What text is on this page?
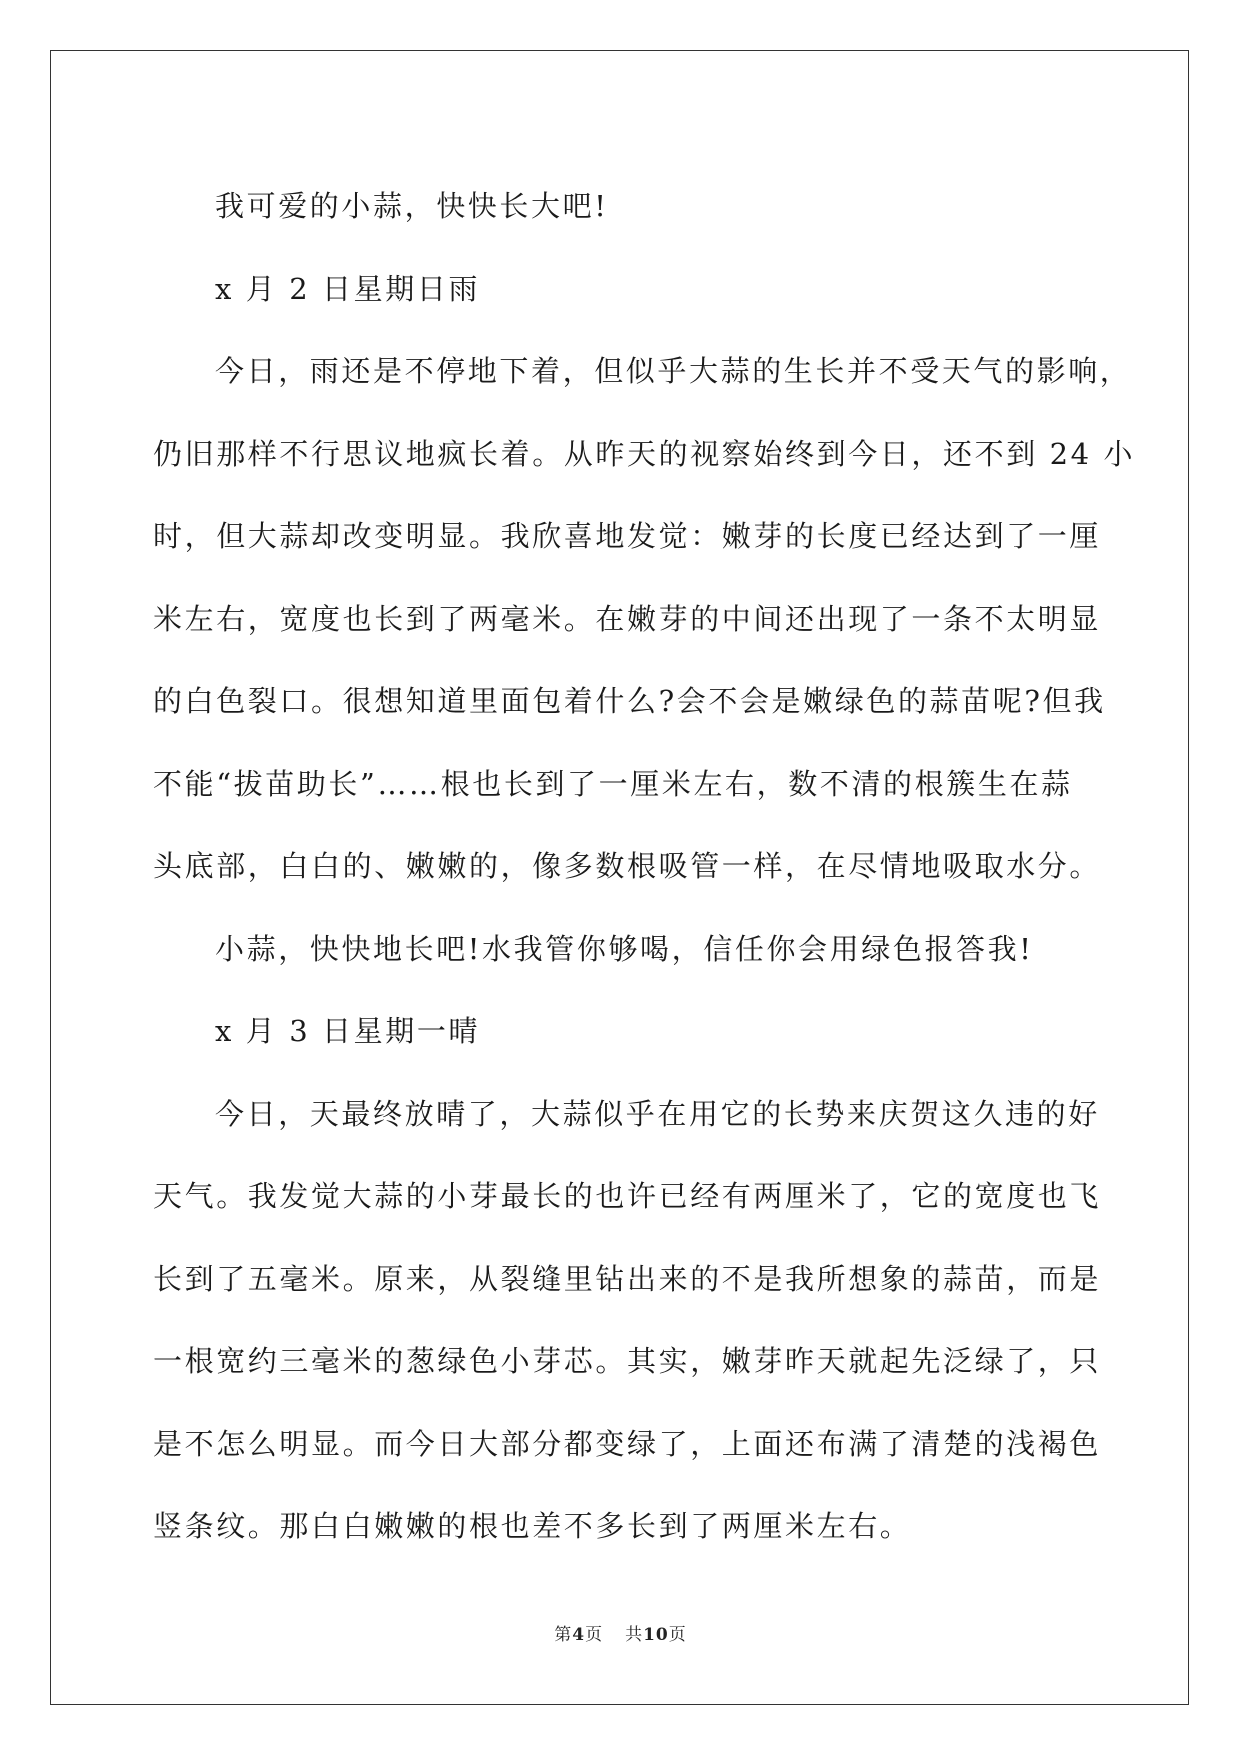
我可爱的小蒜，快快长大吧!
x 月 2 日星期日雨
今日，雨还是不停地下着，但似乎大蒜的生长并不受天气的影响，
仍旧那样不行思议地疯长着。从昨天的视察始终到今日，还不到 24 小
时，但大蒜却改变明显。我欣喜地发觉：嫩芽的长度已经达到了一厘
米左右，宽度也长到了两毫米。在嫩芽的中间还出现了一条不太明显
的白色裂口。很想知道里面包着什么?会不会是嫩绿色的蒜苗呢?但我
不能“拔苗助长”……根也长到了一厘米左右，数不清的根簇生在蒜
头底部，白白的、嫩嫩的，像多数根吸管一样，在尽情地吸取水分。
小蒜，快快地长吧!水我管你够喝，信任你会用绿色报答我!
x 月 3 日星期一晴
今日，天最终放晴了，大蒜似乎在用它的长势来庆贺这久违的好
天气。我发觉大蒜的小芽最长的也许已经有两厘米了，它的宽度也飞
长到了五毫米。原来，从裂缝里钻出来的不是我所想象的蒜苗，而是
一根宽约三毫米的葱绿色小芽芯。其实，嫩芽昨天就起先泛绿了，只
是不怎么明显。而今日大部分都变绿了，上面还布满了清楚的浅褐色
竖条纹。那白白嫩嫩的根也差不多长到了两厘米左右。
第4页 共10页
